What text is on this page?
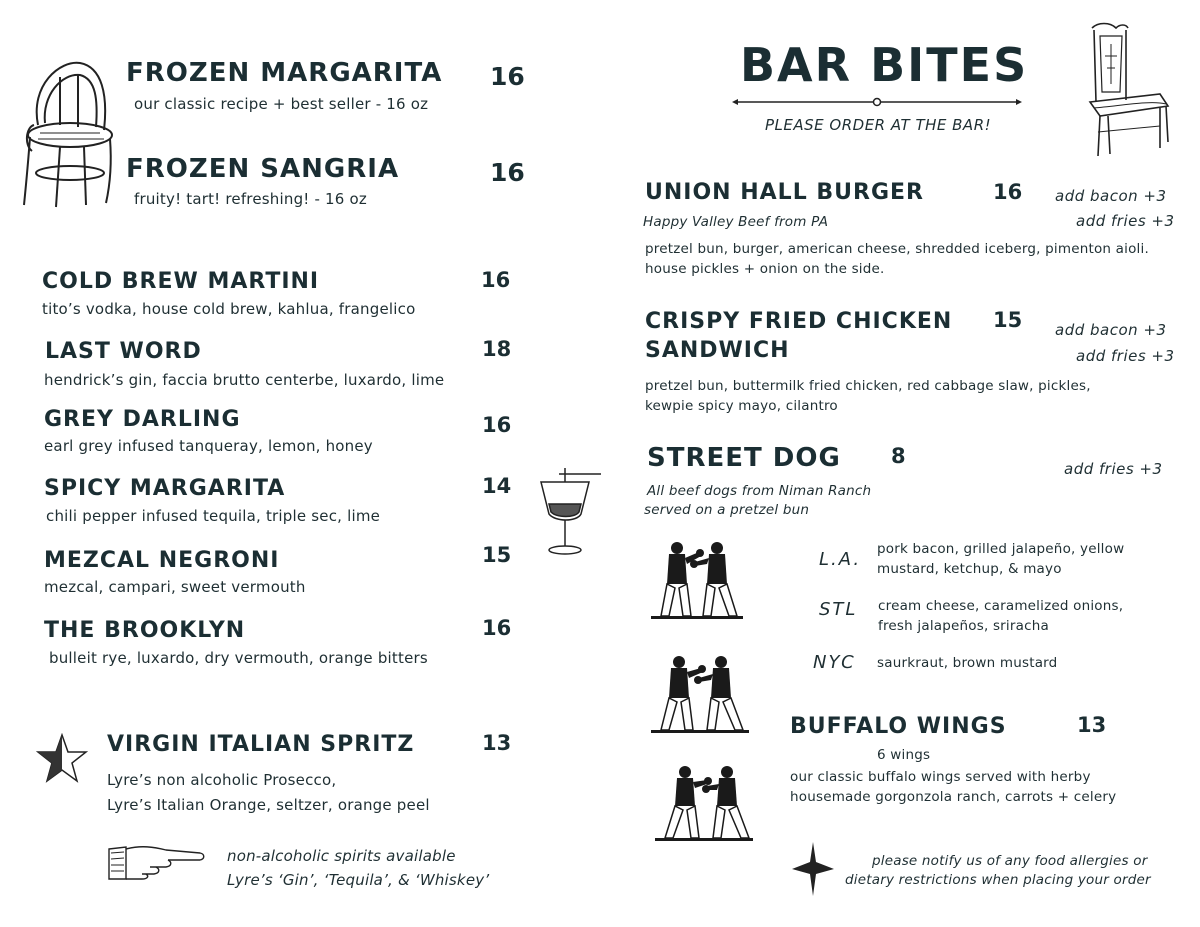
FROZEN MARGARITA 16
our classic recipe + best seller - 16 oz
FROZEN SANGRIA	16
fruity! tart! refreshing! - 16 oz
COLD BREW MARTINI	16
tito’s vodka, house cold brew, kahlua, frangelico
LAST WORD	18
hendrick’s gin, faccia brutto centerbe, luxardo, lime
GREY DARLING	16
earl grey infused tanqueray, lemon, honey
SPICY MARGARITA	14
chili pepper infused tequila, triple sec, lime
MEZCAL NEGRONI	15
mezcal, campari, sweet vermouth
THE BROOKLYN	16
bulleit rye, luxardo, dry vermouth, orange bitters
VIRGIN ITALIAN SPRITZ	13
Lyre’s non alcoholic Prosecco,
Lyre’s Italian Orange, seltzer, orange peel
non-alcoholic spirits available
Lyre’s ‘Gin’, ‘Tequila’, & ‘Whiskey’
BAR BITES
PLEASE ORDER AT THE BAR!
UNION HALL BURGER	16 add bacon +3
add fries +3
Happy Valley Beef from PA
pretzel bun, burger, american cheese, shredded iceberg, pimenton aioli.
house pickles + onion on the side.
CRISPY FRIED CHICKEN
SANDWICH
15 add bacon +3
add fries +3
pretzel bun, buttermilk fried chicken, red cabbage slaw, pickles,
kewpie spicy mayo, cilantro
STREET DOG 8
add fries +3
All beef dogs from Niman Ranch
served on a pretzel bun
L.A. pork bacon, grilled jalapeño, yellow
mustard, ketchup, & mayo
STL cream cheese, caramelized onions,
fresh jalapeños, sriracha
NYC saurkraut, brown mustard
BUFFALO WINGS	13
6 wings
our classic buffalo wings served with herby
housemade gorgonzola ranch, carrots + celery
please notify us of any food allergies or
dietary restrictions when placing your order
